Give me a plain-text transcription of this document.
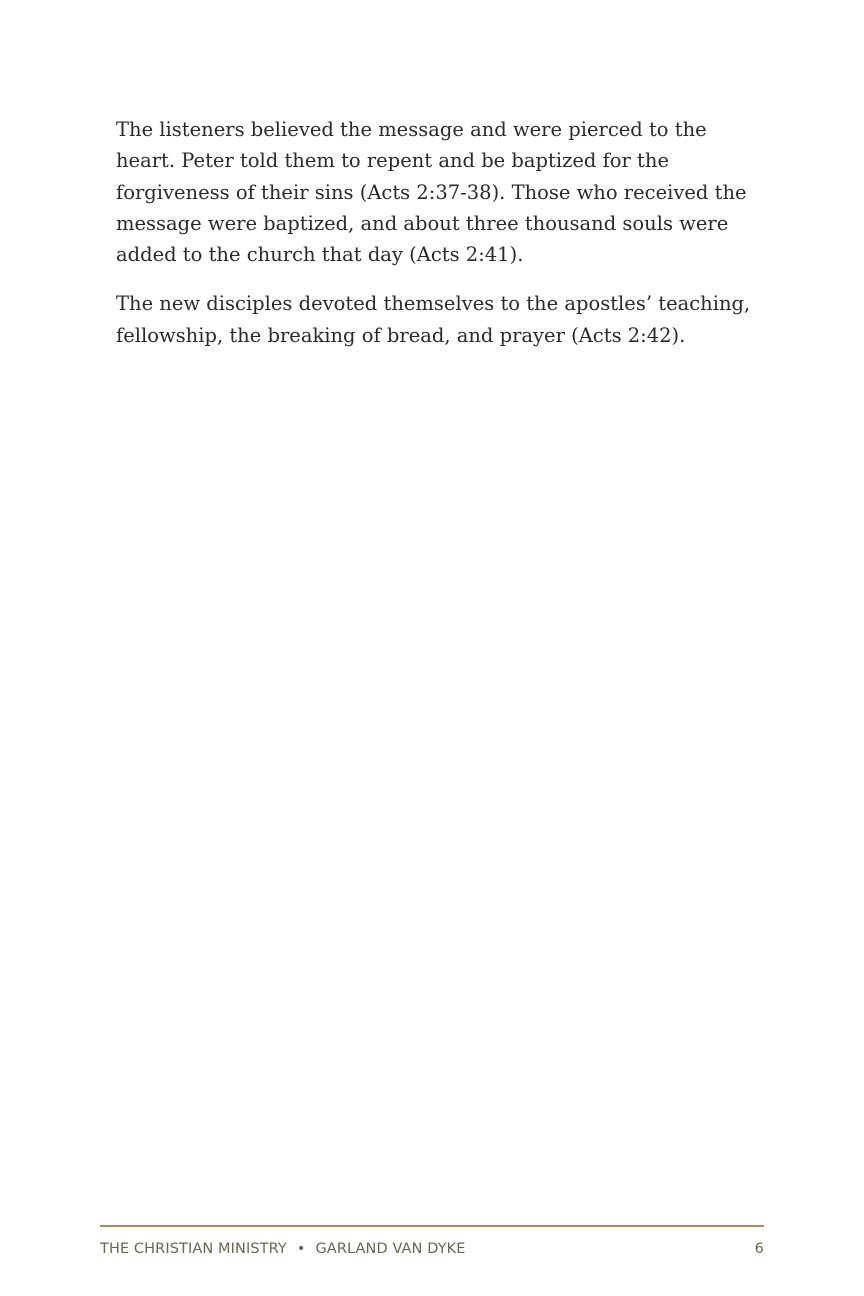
The listeners believed the message and were pierced to the heart. Peter told them to repent and be baptized for the forgiveness of their sins (Acts 2:37-38). Those who received the message were baptized, and about three thousand souls were added to the church that day (Acts 2:41).

The new disciples devoted themselves to the apostles’ teaching, fellowship, the breaking of bread, and prayer (Acts 2:42).

THE CHRISTIAN MINISTRY • GARLAND VAN DYKE	6
